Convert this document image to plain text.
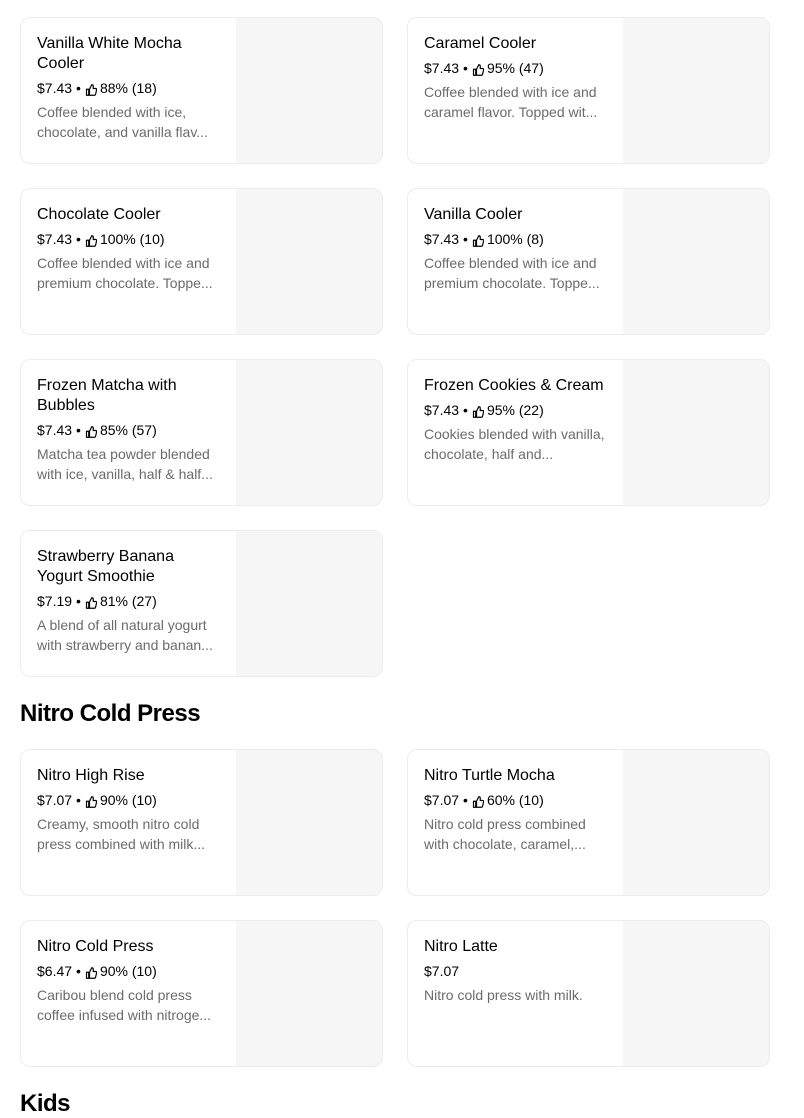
Vanilla White Mocha Cooler
$7.43 • 88% (18)
Coffee blended with ice, chocolate, and vanilla flav...
Caramel Cooler
$7.43 • 95% (47)
Coffee blended with ice and caramel flavor. Topped wit...
Chocolate Cooler
$7.43 • 100% (10)
Coffee blended with ice and premium chocolate. Toppe...
Vanilla Cooler
$7.43 • 100% (8)
Coffee blended with ice and premium chocolate. Toppe...
Frozen Matcha with Bubbles
$7.43 • 85% (57)
Matcha tea powder blended with ice, vanilla, half & half...
Frozen Cookies & Cream
$7.43 • 95% (22)
Cookies blended with vanilla, chocolate, half and...
Strawberry Banana Yogurt Smoothie
$7.19 • 81% (27)
A blend of all natural yogurt with strawberry and banan...
Nitro Cold Press
Nitro High Rise
$7.07 • 90% (10)
Creamy, smooth nitro cold press combined with milk...
Nitro Turtle Mocha
$7.07 • 60% (10)
Nitro cold press combined with chocolate, caramel,...
Nitro Cold Press
$6.47 • 90% (10)
Caribou blend cold press coffee infused with nitroge...
Nitro Latte
$7.07
Nitro cold press with milk.
Kids
